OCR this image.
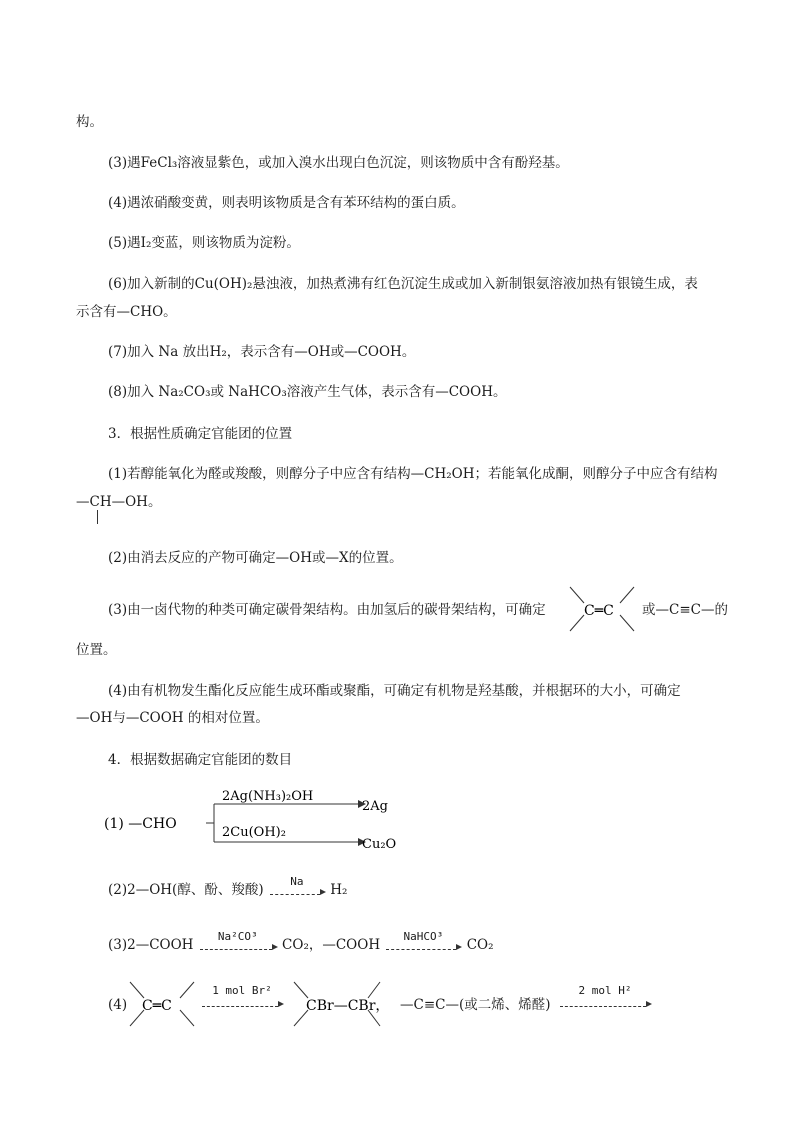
构。
(3)遇FeCl₃溶液显紫色，或加入溴水出现白色沉淀，则该物质中含有酚羟基。
(4)遇浓硝酸变黄，则表明该物质是含有苯环结构的蛋白质。
(5)遇I₂变蓝，则该物质为淀粉。
(6)加入新制的Cu(OH)₂悬浊液，加热煮沸有红色沉淀生成或加入新制银氨溶液加热有银镜生成，表
示含有—CHO。
(7)加入 Na 放出H₂，表示含有—OH或—COOH。
(8)加入 Na₂CO₃或 NaHCO₃溶液产生气体，表示含有—COOH。
3．根据性质确定官能团的位置
(1)若醇能氧化为醛或羧酸，则醇分子中应含有结构—CH₂OH；若能氧化成酮，则醇分子中应含有结构
—CH—OH。
(2)由消去反应的产物可确定—OH或—X的位置。
(3)由一卤代物的种类可确定碳骨架结构。由加氢后的碳骨架结构，可确定	C═C 或—C≡C—的
位置。
(4)由有机物发生酯化反应能生成环酯或聚酯，可确定有机物是羟基酸，并根据环的大小，可确定
—OH与—COOH 的相对位置。
4．根据数据确定官能团的数目
(1) —CHO
2Ag(NH₃)₂OH
2Ag
2Cu(OH)₂
Cu₂O
(2)2—OH(醇、酚、羧酸)
Na
H₂
(3)2—COOH
Na²CO³
CO₂，—COOH
NaHCO³
CO₂
(4) C═C
1 mol Br²
CBr—CBr， —C≡C—(或二烯、烯醛)
2 mol H²
